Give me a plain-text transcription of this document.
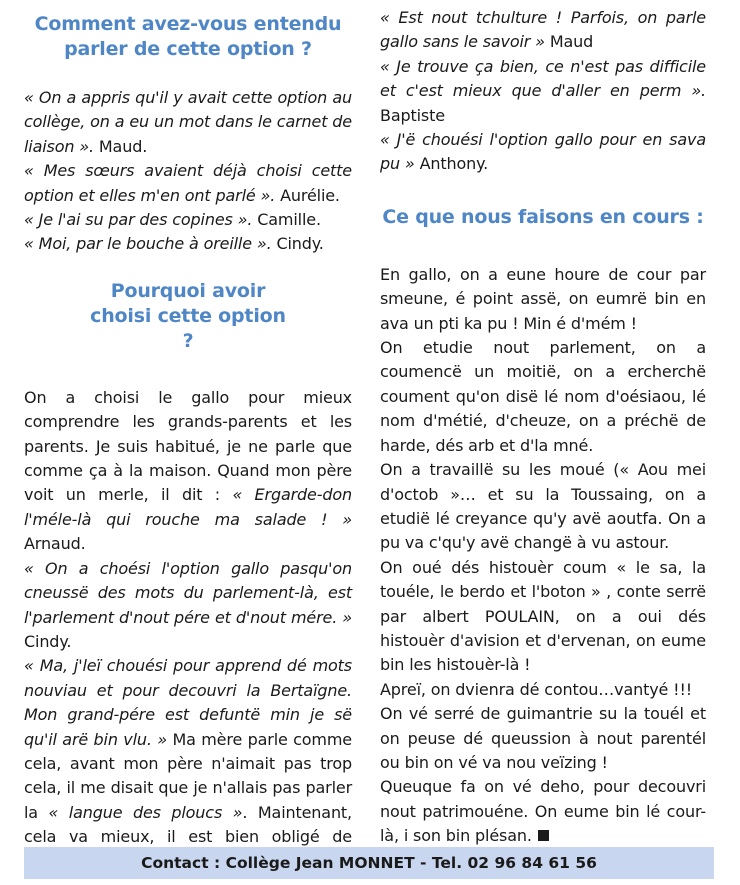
Comment avez-vous entendu parler de cette option ?

« On a appris qu'il y avait cette option au collège, on a eu un mot dans le carnet de liaison ». Maud.

« Mes sœurs avaient déjà choisi cette option et elles m'en ont parlé ». Aurélie.

« Je l'ai su par des copines ». Camille.

« Moi, par le bouche à oreille ». Cindy.

Pourquoi avoir choisi cette option ?

On a choisi le gallo pour mieux comprendre les grands-parents et les parents. Je suis habitué, je ne parle que comme ça à la maison. Quand mon père voit un merle, il dit : « Ergarde-don l'méle-là qui rouche ma salade ! » Arnaud.

« On a choési l'option gallo pasqu'on cneussë des mots du parlement-là, est l'parlement d'nout pére et d'nout mére. » Cindy.

« Ma, j'leï chouési pour apprend dé mots nouviau et pour decouvri la Bertaïgne. Mon grand-pére est defuntë min je së qu'il arë bin vlu. » Ma mère parle comme cela, avant mon père n'aimait pas trop cela, il me disait que je n'allais pas parler la « langue des ploucs ». Maintenant, cela va mieux, il est bien obligé de

« Est nout tchulture ! Parfois, on parle gallo sans le savoir » Maud

« Je trouve ça bien, ce n'est pas difficile et c'est mieux que d'aller en perm ». Baptiste

« J'ë chouési l'option gallo pour en sava pu » Anthony.

Ce que nous faisons en cours :

En gallo, on a eune houre de cour par smeune, é point assë, on eumrë bin en ava un pti ka pu ! Min é d'mém !

On etudie nout parlement, on a coumencë un moitië, on a ercherchë coument qu'on disë lé nom d'oésiaou, lé nom d'métié, d'cheuze, on a préchë de harde, dés arb et d'la mné.

On a travaillë su les moué (« Aou mei d'octob »… et su la Toussaing, on a etudië lé creyance qu'y avë aoutfa. On a pu va c'qu'y avë changë à vu astour.

On oué dés histouèr coum « le sa, la touéle, le berdo et l'boton » , conte serrë par albert POULAIN, on a oui dés histouèr d'avision et d'ervenan, on eume bin les histouèr-là !

Apreï, on dvienra dé contou…vantyé !!!

On vé serré de guimantrie su la touél et on peuse dé queussion à nout parentél ou bin on vé va nou veïzing !

Queuque fa on vé deho, pour decouvri nout patrimouéne. On eume bin lé cour-là, i son bin plésan.

Contact : Collège Jean MONNET - Tel. 02 96 84 61 56
